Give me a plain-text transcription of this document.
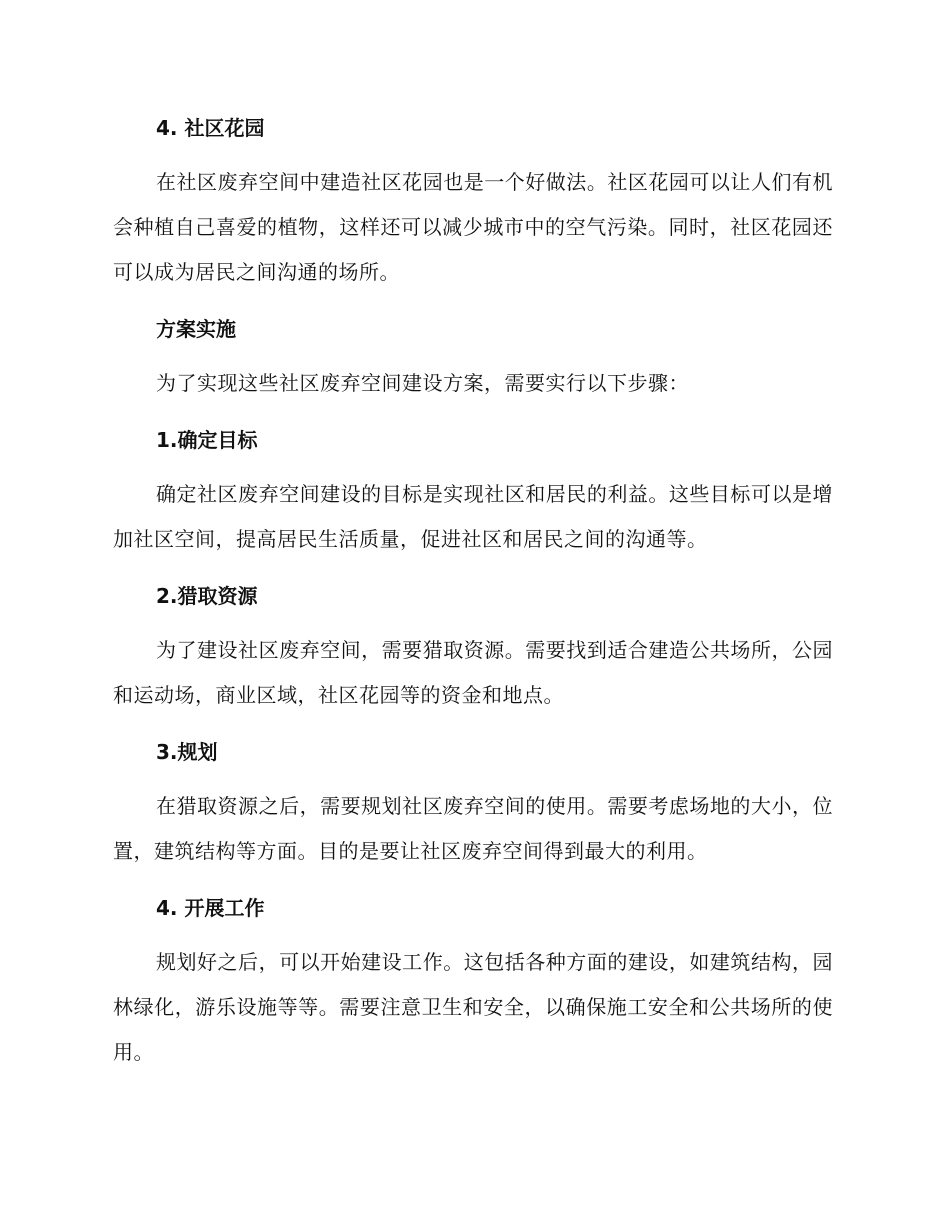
4. 社区花园

在社区废弃空间中建造社区花园也是一个好做法。社区花园可以让人们有机会种植自己喜爱的植物，这样还可以减少城市中的空气污染。同时，社区花园还可以成为居民之间沟通的场所。

方案实施

为了实现这些社区废弃空间建设方案，需要实行以下步骤：

1.确定目标

确定社区废弃空间建设的目标是实现社区和居民的利益。这些目标可以是增加社区空间，提高居民生活质量，促进社区和居民之间的沟通等。

2.猎取资源

为了建设社区废弃空间，需要猎取资源。需要找到适合建造公共场所，公园和运动场，商业区域，社区花园等的资金和地点。

3.规划

在猎取资源之后，需要规划社区废弃空间的使用。需要考虑场地的大小，位置，建筑结构等方面。目的是要让社区废弃空间得到最大的利用。

4. 开展工作

规划好之后，可以开始建设工作。这包括各种方面的建设，如建筑结构，园林绿化，游乐设施等等。需要注意卫生和安全，以确保施工安全和公共场所的使用。
